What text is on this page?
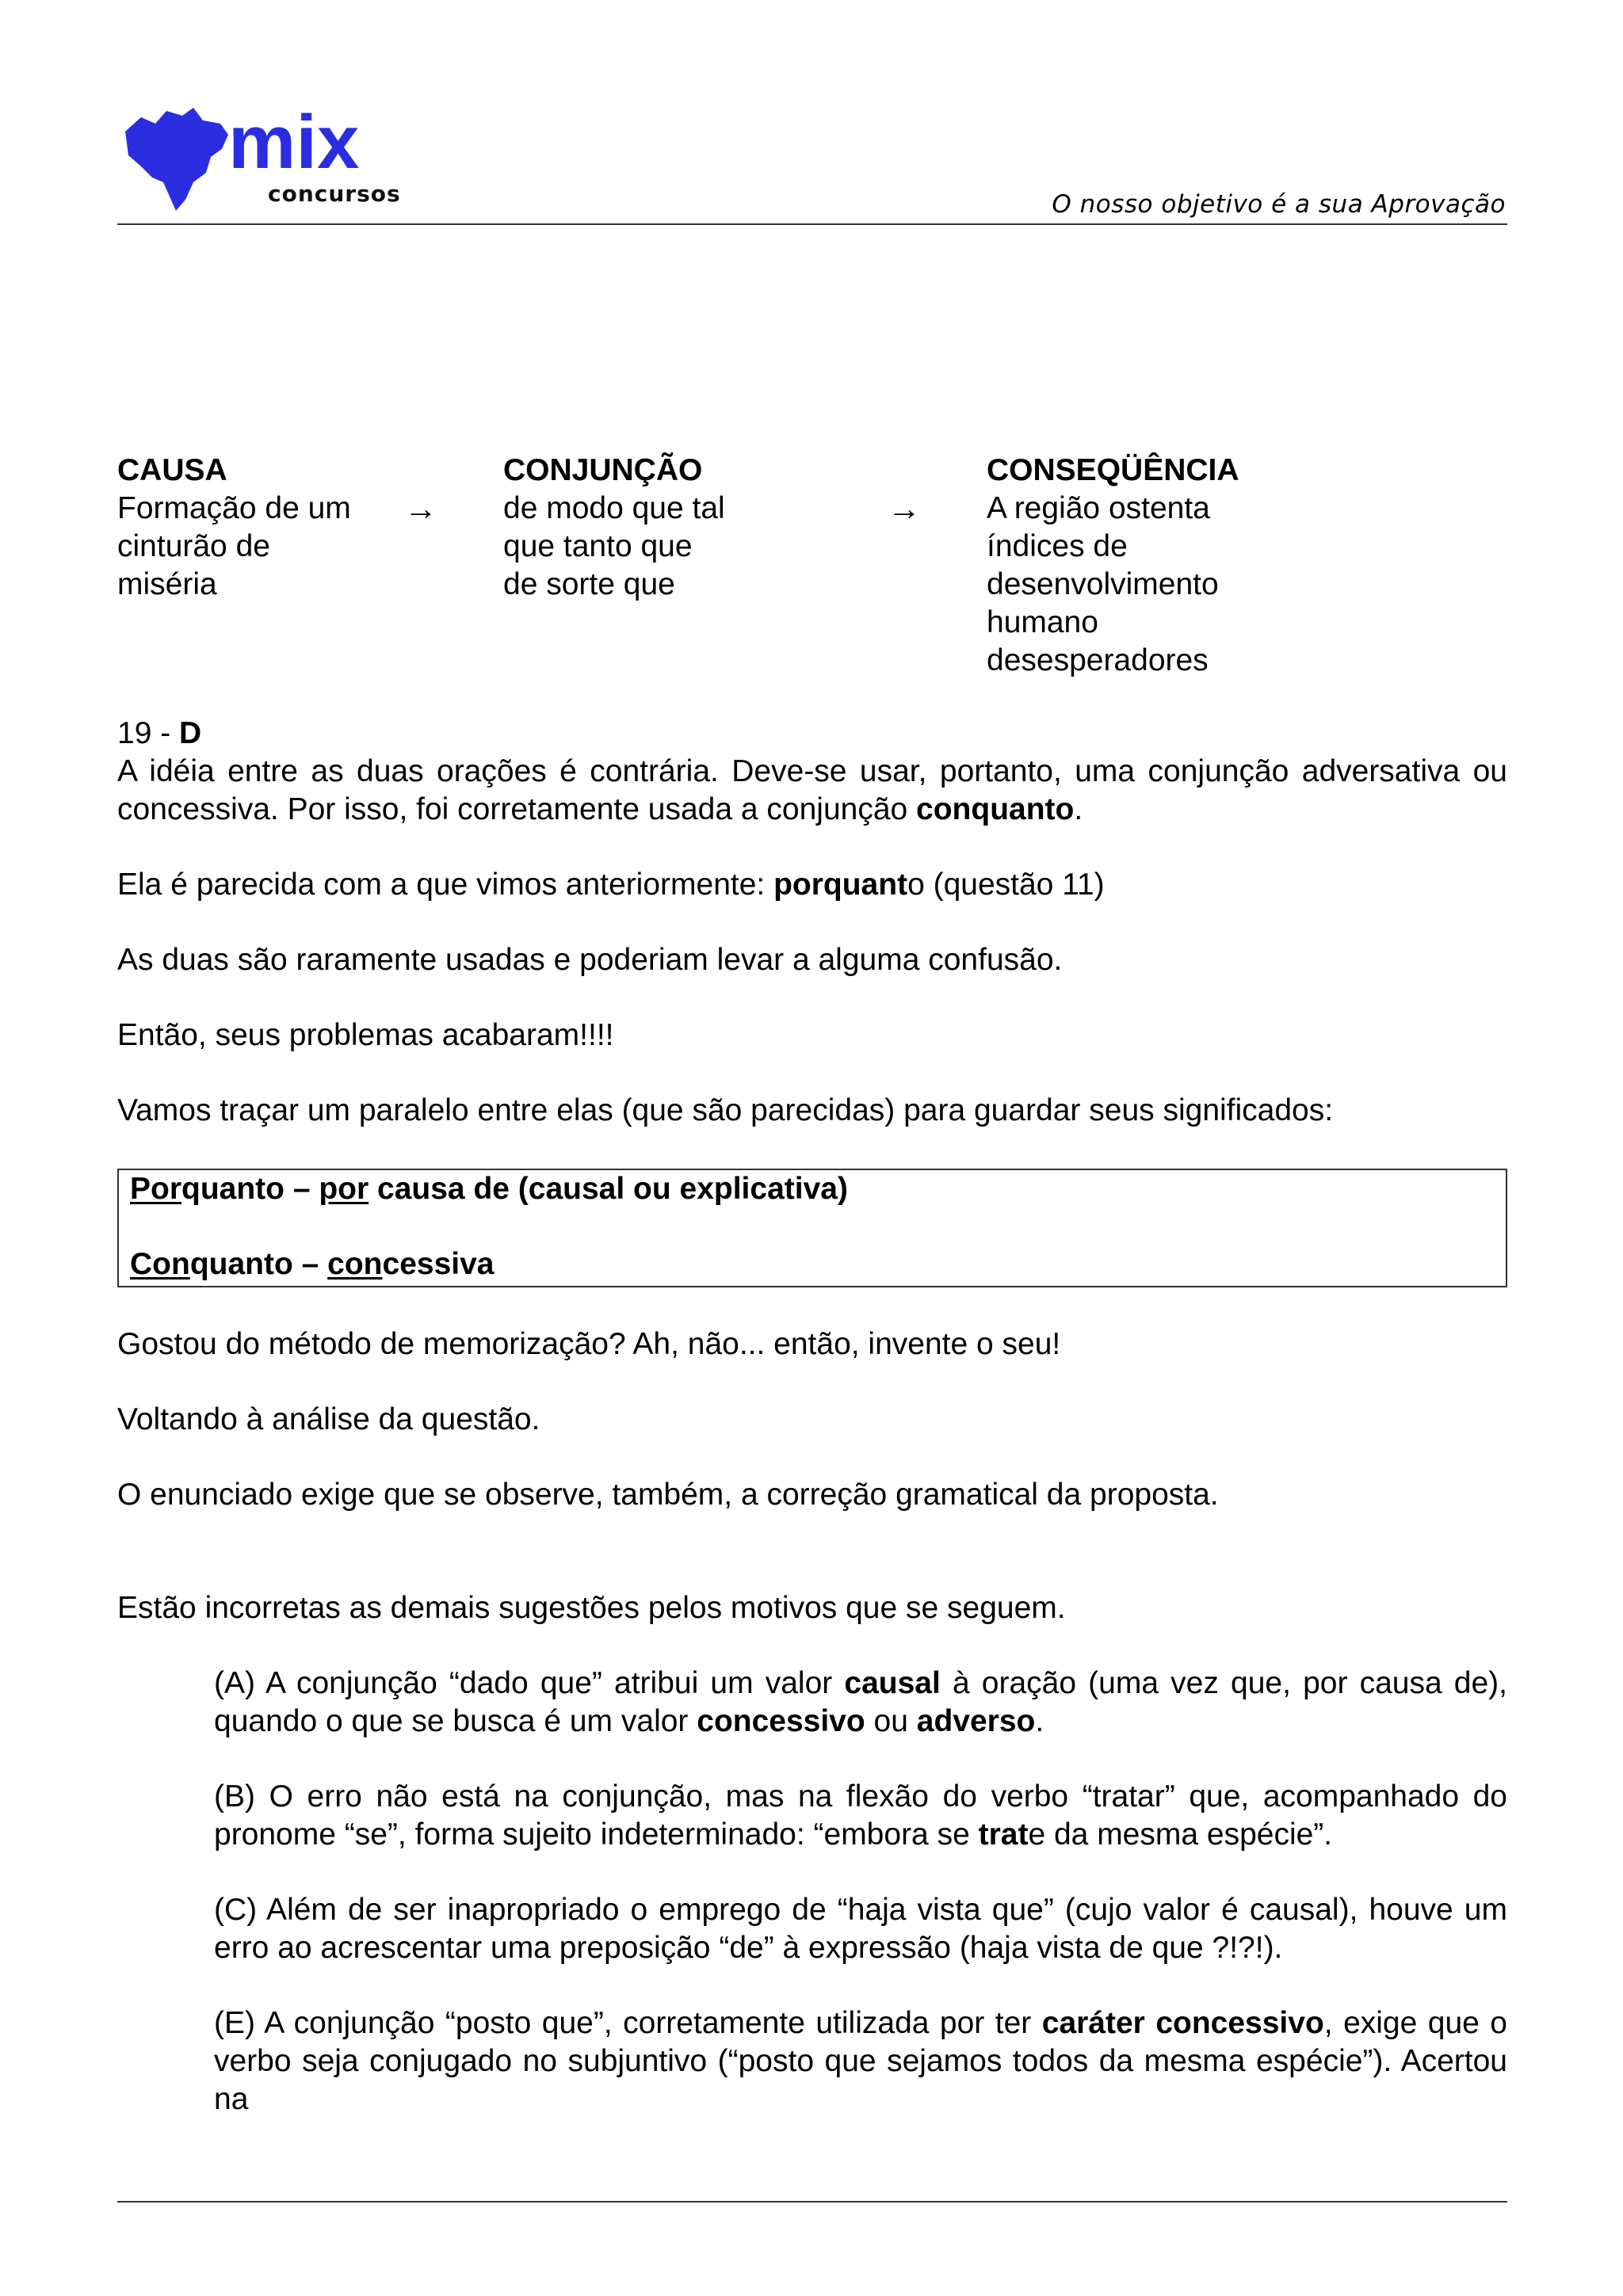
mix
concursos	O nosso objetivo é a sua Aprovação
CAUSA
Formação de um
cinturão de
miséria
→
CONJUNÇÃO
de modo que tal
que tanto que
de sorte que
→
CONSEQÜÊNCIA
A região ostenta
índices de
desenvolvimento
humano
desesperadores
19 - D
A idéia entre as duas orações é contrária. Deve-se usar, portanto, uma conjunção adversativa ou concessiva. Por isso, foi corretamente usada a conjunção conquanto.
Ela é parecida com a que vimos anteriormente: porquanto (questão 11)
As duas são raramente usadas e poderiam levar a alguma confusão.
Então, seus problemas acabaram!!!!
Vamos traçar um paralelo entre elas (que são parecidas) para guardar seus significados:
Porquanto – por causa de (causal ou explicativa)
Conquanto – concessiva
Gostou do método de memorização? Ah, não... então, invente o seu!
Voltando à análise da questão.
O enunciado exige que se observe, também, a correção gramatical da proposta.
Estão incorretas as demais sugestões pelos motivos que se seguem.
(A) A conjunção “dado que” atribui um valor causal à oração (uma vez que, por causa de), quando o que se busca é um valor concessivo ou adverso.
(B) O erro não está na conjunção, mas na flexão do verbo “tratar” que, acompanhado do pronome “se”, forma sujeito indeterminado: “embora se trate da mesma espécie”.
(C) Além de ser inapropriado o emprego de “haja vista que” (cujo valor é causal), houve um erro ao acrescentar uma preposição “de” à expressão (haja vista de que ?!?!).
(E) A conjunção “posto que”, corretamente utilizada por ter caráter concessivo, exige que o verbo seja conjugado no subjuntivo (“posto que sejamos todos da mesma espécie”). Acertou na
